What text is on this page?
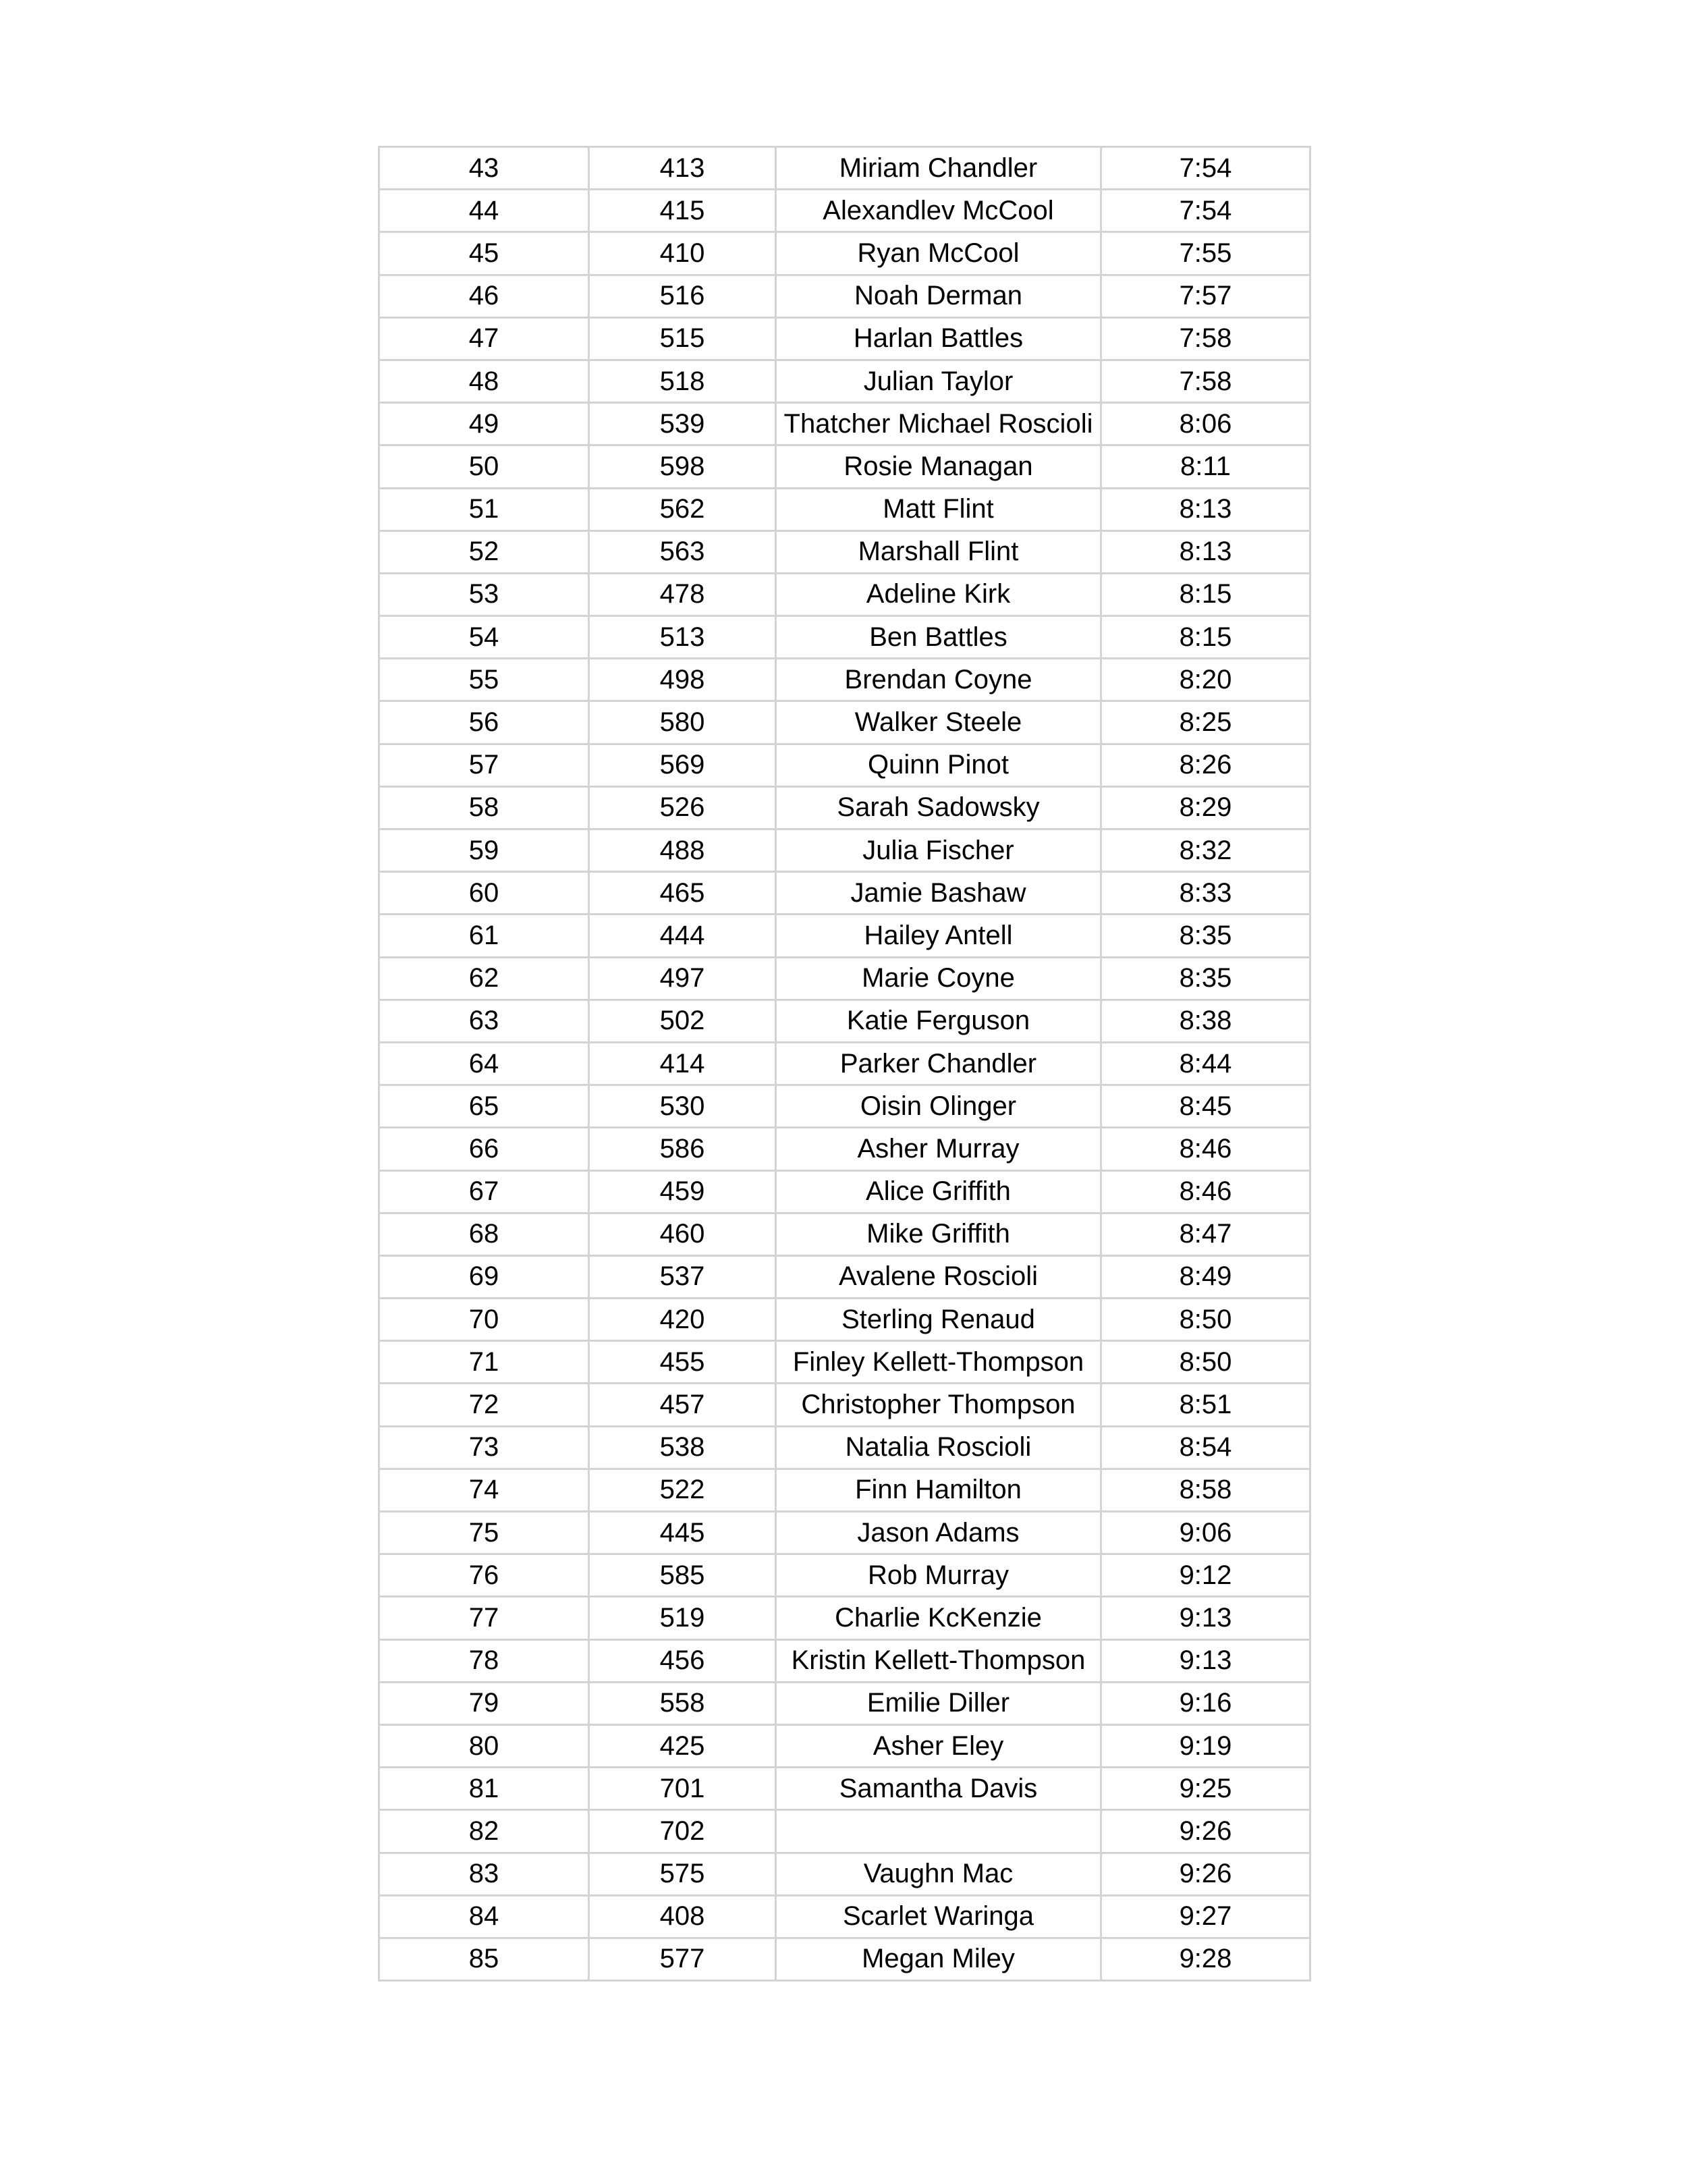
43	413	Miriam Chandler	7:54
44	415	Alexandlev McCool	7:54
45	410	Ryan McCool	7:55
46	516	Noah Derman	7:57
47	515	Harlan Battles	7:58
48	518	Julian Taylor	7:58
49	539	Thatcher Michael Roscioli	8:06
50	598	Rosie Managan	8:11
51	562	Matt Flint	8:13
52	563	Marshall Flint	8:13
53	478	Adeline Kirk	8:15
54	513	Ben Battles	8:15
55	498	Brendan Coyne	8:20
56	580	Walker Steele	8:25
57	569	Quinn Pinot	8:26
58	526	Sarah Sadowsky	8:29
59	488	Julia Fischer	8:32
60	465	Jamie Bashaw	8:33
61	444	Hailey Antell	8:35
62	497	Marie Coyne	8:35
63	502	Katie Ferguson	8:38
64	414	Parker Chandler	8:44
65	530	Oisin Olinger	8:45
66	586	Asher Murray	8:46
67	459	Alice Griffith	8:46
68	460	Mike Griffith	8:47
69	537	Avalene Roscioli	8:49
70	420	Sterling Renaud	8:50
71	455	Finley Kellett-Thompson	8:50
72	457	Christopher Thompson	8:51
73	538	Natalia Roscioli	8:54
74	522	Finn Hamilton	8:58
75	445	Jason Adams	9:06
76	585	Rob Murray	9:12
77	519	Charlie KcKenzie	9:13
78	456	Kristin Kellett-Thompson	9:13
79	558	Emilie Diller	9:16
80	425	Asher Eley	9:19
81	701	Samantha Davis	9:25
82	702		9:26
83	575	Vaughn Mac	9:26
84	408	Scarlet Waringa	9:27
85	577	Megan Miley	9:28
